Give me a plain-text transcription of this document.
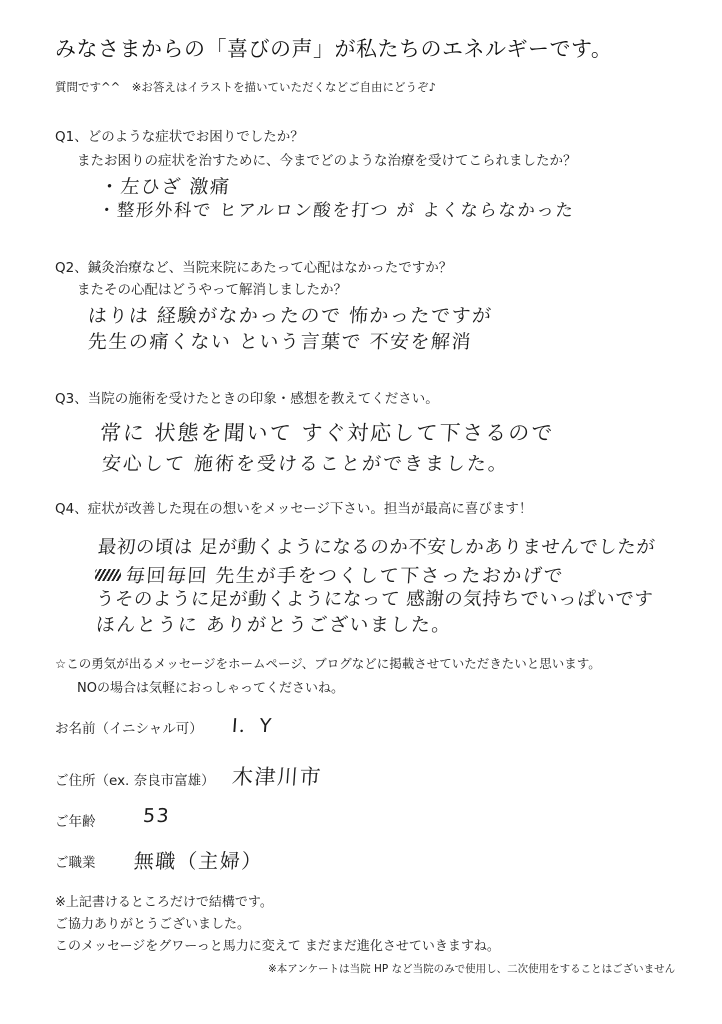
みなさまからの「喜びの声」が私たちのエネルギーです。
質問です^^　※お答えはイラストを描いていただくなどご自由にどうぞ♪
Q1、どのような症状でお困りでしたか？
またお困りの症状を治すために、今までどのような治療を受けてこられましたか？
・左ひざ 激痛
・整形外科で ヒアルロン酸を打つ が よくならなかった
Q2、鍼灸治療など、当院来院にあたって心配はなかったですか？
またその心配はどうやって解消しましたか？
はりは 経験がなかったので 怖かったですが
先生の痛くない という言葉で 不安を解消
Q3、当院の施術を受けたときの印象・感想を教えてください。
常に 状態を聞いて すぐ対応して下さるので
安心して 施術を受けることができました。
Q4、症状が改善した現在の想いをメッセージ下さい。担当が最高に喜びます！
最初の頃は 足が動くようになるのか不安しかありませんでしたが
毎回毎回 先生が手をつくして下さったおかげで
うそのように足が動くようになって 感謝の気持ちでいっぱいです
ほんとうに ありがとうございました。
☆この勇気が出るメッセージをホームページ、ブログなどに掲載させていただきたいと思います。
NOの場合は気軽におっしゃってくださいね。
お名前（イニシャル可） I．Y
ご住所（ex. 奈良市富雄） 木津川市
ご年齢 53
ご職業 無職（主婦）
※上記書けるところだけで結構です。
ご協力ありがとうございました。
このメッセージをグワーっと馬力に変えて まだまだ進化させていきますね。
※本アンケートは当院 HP など当院のみで使用し、二次使用をすることはございません
